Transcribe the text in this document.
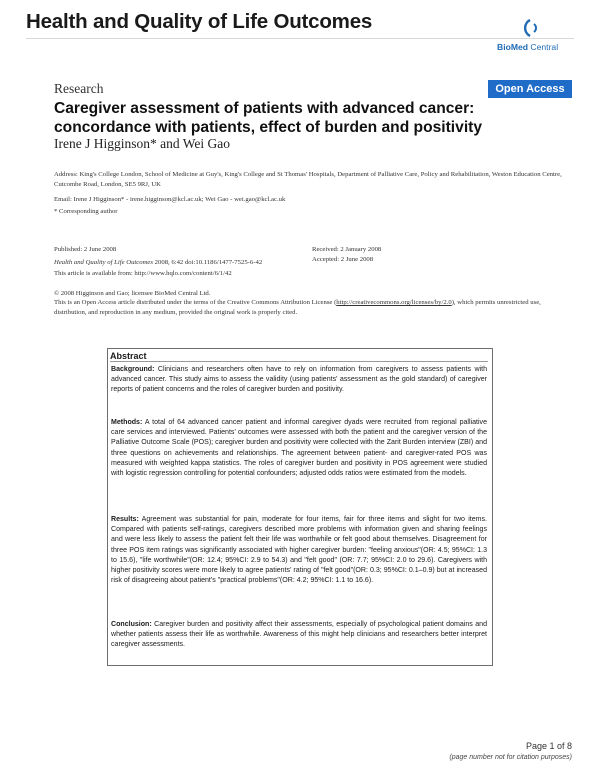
Health and Quality of Life Outcomes
BioMed Central
Research	Open Access
Caregiver assessment of patients with advanced cancer: concordance with patients, effect of burden and positivity
Irene J Higginson* and Wei Gao
Address: King's College London, School of Medicine at Guy's, King's College and St Thomas' Hospitals, Department of Palliative Care, Policy and Rehabilitation, Weston Education Centre, Cutcombe Road, London, SE5 9RJ, UK
Email: Irene J Higginson* - irene.higginson@kcl.ac.uk; Wei Gao - wei.gao@kcl.ac.uk
* Corresponding author
Published: 2 June 2008
Health and Quality of Life Outcomes 2008, 6:42 doi:10.1186/1477-7525-6-42
Received: 2 January 2008
Accepted: 2 June 2008
This article is available from: http://www.hqlo.com/content/6/1/42
© 2008 Higginson and Gao; licensee BioMed Central Ltd.
This is an Open Access article distributed under the terms of the Creative Commons Attribution License (http://creativecommons.org/licenses/by/2.0), which permits unrestricted use, distribution, and reproduction in any medium, provided the original work is properly cited.
Abstract
Background: Clinicians and researchers often have to rely on information from caregivers to assess patients with advanced cancer. This study aims to assess the validity (using patients' assessment as the gold standard) of caregiver reports of patient concerns and the roles of caregiver burden and positivity.
Methods: A total of 64 advanced cancer patient and informal caregiver dyads were recruited from regional palliative care services and interviewed. Patients' outcomes were assessed with both the patient and the caregiver version of the Palliative Outcome Scale (POS); caregiver burden and positivity were collected with the Zarit Burden interview (ZBI) and three questions on achievements and relationships. The agreement between patient- and caregiver-rated POS was measured with weighted kappa statistics. The roles of caregiver burden and positivity in POS agreement were studied with logistic regression controlling for potential confounders; adjusted odds ratios were estimated from the models.
Results: Agreement was substantial for pain, moderate for four items, fair for three items and slight for two items. Compared with patients self-ratings, caregivers described more problems with information given and sharing feelings and were less likely to assess the patient felt their life was worthwhile or felt good about themselves. Disagreement for three POS item ratings was significantly associated with higher caregiver burden: "feeling anxious"(OR: 4.5; 95%CI: 1.3 to 15.6), "life worthwhile"(OR: 12.4; 95%CI: 2.9 to 54.3) and "felt good" (OR: 7.7; 95%CI: 2.0 to 29.6). Caregivers with higher positivity scores were more likely to agree patients' rating of "felt good"(OR: 0.3; 95%CI: 0.1–0.9) but at increased risk of disagreeing about patient's "practical problems"(OR: 4.2; 95%CI: 1.1 to 16.6).
Conclusion: Caregiver burden and positivity affect their assessments, especially of psychological patient domains and whether patients assess their life as worthwhile. Awareness of this might help clinicians and researchers better interpret caregiver assessments.
Page 1 of 8
(page number not for citation purposes)
